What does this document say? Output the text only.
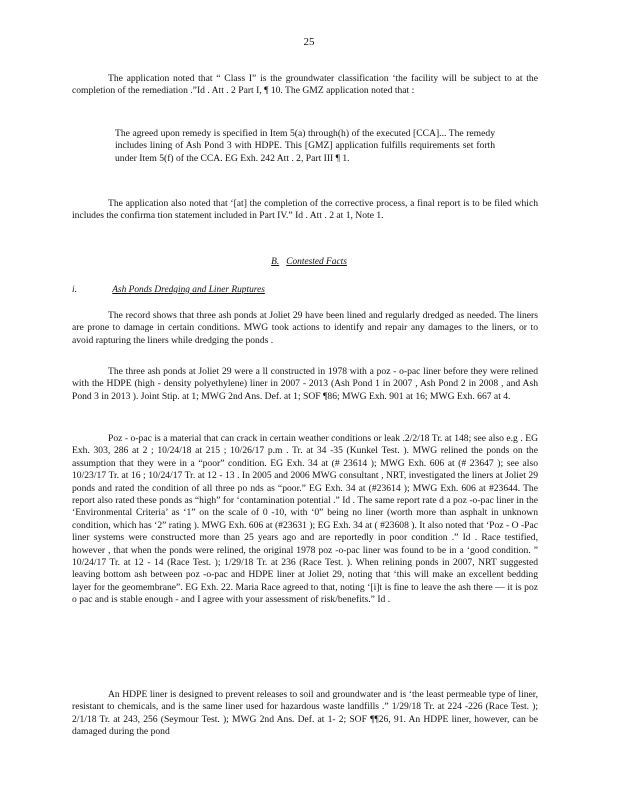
25

The application noted that “ Class I” is the groundwater classification ‘the facility will be subject to at the completion of the remediation .”Id . Att . 2 Part I, ¶ 10. The GMZ application noted that :

The agreed upon remedy is specified in Item 5(a) through(h) of the executed [CCA]... The remedy includes lining of Ash Pond 3 with HDPE. This [GMZ] application fulfills requirements set forth under Item 5(f) of the CCA. EG Exh. 242 Att . 2, Part III ¶ 1.

The application also noted that ‘[at] the completion of the corrective process, a final report is to be filed which includes the confirma tion statement included in Part IV.” Id . Att . 2 at 1, Note 1.

B. Contested Facts
i.	Ash Ponds Dredging and Liner Ruptures

The record shows that three ash ponds at Joliet 29 have been lined and regularly dredged as needed. The liners are prone to damage in certain conditions. MWG took actions to identify and repair any damages to the liners, or to avoid rapturing the liners while dredging the ponds .

The three ash ponds at Joliet 29 were a ll constructed in 1978 with a poz - o-pac liner before they were relined with the HDPE (high - density polyethylene) liner in 2007 - 2013 (Ash Pond 1 in 2007 , Ash Pond 2 in 2008 , and Ash Pond 3 in 2013 ). Joint Stip. at 1; MWG 2nd Ans. Def. at 1; SOF ¶86; MWG Exh. 901 at 16; MWG Exh. 667 at 4.

Poz - o-pac is a material that can crack in certain weather conditions or leak .2/2/18 Tr. at 148; see also e.g . EG Exh. 303, 286 at 2 ; 10/24/18 at 215 ; 10/26/17 p.m . Tr. at 34 -35 (Kunkel Test. ). MWG relined the ponds on the assumption that they were in a “poor” condition. EG Exh. 34 at (# 23614 ); MWG Exh. 606 at (# 23647 ); see also 10/23/17 Tr. at 16 ; 10/24/17 Tr. at 12 - 13 . In 2005 and 2006 MWG consultant , NRT, investigated the liners at Joliet 29 ponds and rated the condition of all three po nds as “poor.” EG Exh. 34 at (#23614 ); MWG Exh. 606 at #23644. The report also rated these ponds as “high” for ‘contamination potential .” Id . The same report rate d a poz -o-pac liner in the ‘Environmental Criteria’ as ‘1” on the scale of 0 -10, with ‘0” being no liner (worth more than asphalt in unknown condition, which has ‘2” rating ). MWG Exh. 606 at (#23631 ); EG Exh. 34 at ( #23608 ). It also noted that ‘Poz - O -Pac liner systems were constructed more than 25 years ago and are reportedly in poor condition .” Id . Race testified, however , that when the ponds were relined, the original 1978 poz -o-pac liner was found to be in a ‘good condition. ” 10/24/17 Tr. at 12 - 14 (Race Test. ); 1/29/18 Tr. at 236 (Race Test. ). When relining ponds in 2007, NRT suggested leaving bottom ash between poz -o-pac and HDPE liner at Joliet 29, noting that ‘this will make an excellent bedding layer for the geomembrane”. EG Exh. 22. Maria Race agreed to that, noting ‘[i]t is fine to leave the ash there — it is poz o pac and is stable enough - and I agree with your assessment of risk/benefits.” Id .

An HDPE liner is designed to prevent releases to soil and groundwater and is ‘the least permeable type of liner, resistant to chemicals, and is the same liner used for hazardous waste landfills .” 1/29/18 Tr. at 224 -226 (Race Test. ); 2/1/18 Tr. at 243, 256 (Seymour Test. ); MWG 2nd Ans. Def. at 1- 2; SOF ¶¶26, 91. An HDPE liner, however, can be damaged during the pond
